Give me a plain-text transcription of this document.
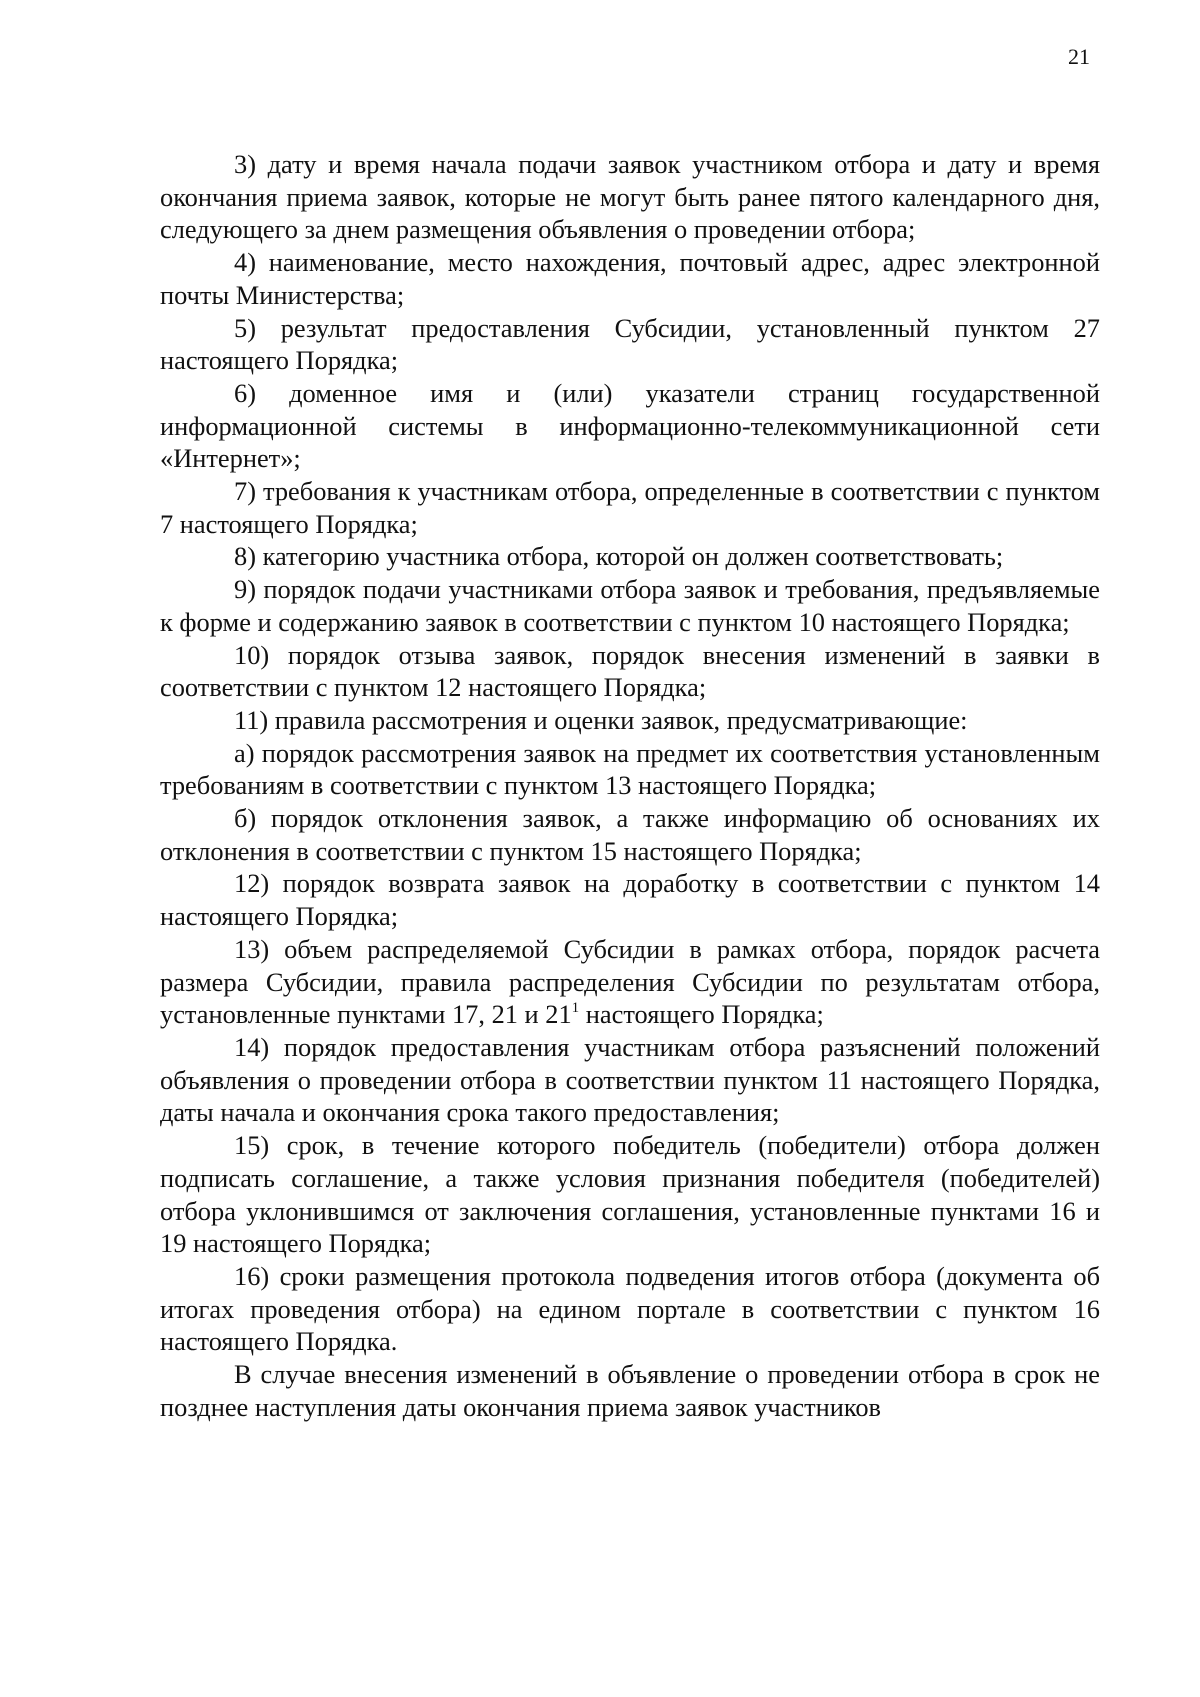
21

3) дату и время начала подачи заявок участником отбора и дату и время окончания приема заявок, которые не могут быть ранее пятого календарного дня, следующего за днем размещения объявления о проведении отбора;

4) наименование, место нахождения, почтовый адрес, адрес электронной почты Министерства;

5) результат предоставления Субсидии, установленный пунктом 27 настоящего Порядка;

6) доменное имя и (или) указатели страниц государственной информационной системы в информационно-телекоммуникационной сети «Интернет»;

7) требования к участникам отбора, определенные в соответствии с пунктом 7 настоящего Порядка;

8) категорию участника отбора, которой он должен соответствовать;

9) порядок подачи участниками отбора заявок и требования, предъявляемые к форме и содержанию заявок в соответствии с пунктом 10 настоящего Порядка;

10) порядок отзыва заявок, порядок внесения изменений в заявки в соответствии с пунктом 12 настоящего Порядка;

11) правила рассмотрения и оценки заявок, предусматривающие:

а) порядок рассмотрения заявок на предмет их соответствия установленным требованиям в соответствии с пунктом 13 настоящего Порядка;

б) порядок отклонения заявок, а также информацию об основаниях их отклонения в соответствии с пунктом 15 настоящего Порядка;

12) порядок возврата заявок на доработку в соответствии с пунктом 14 настоящего Порядка;

13) объем распределяемой Субсидии в рамках отбора, порядок расчета размера Субсидии, правила распределения Субсидии по результатам отбора, установленные пунктами 17, 21 и $21^1$ настоящего Порядка;

14) порядок предоставления участникам отбора разъяснений положений объявления о проведении отбора в соответствии пунктом 11 настоящего Порядка, даты начала и окончания срока такого предоставления;

15) срок, в течение которого победитель (победители) отбора должен подписать соглашение, а также условия признания победителя (победителей) отбора уклонившимся от заключения соглашения, установленные пунктами 16 и 19 настоящего Порядка;

16) сроки размещения протокола подведения итогов отбора (документа об итогах проведения отбора) на едином портале в соответствии с пунктом 16 настоящего Порядка.

В случае внесения изменений в объявление о проведении отбора в срок не позднее наступления даты окончания приема заявок участников
